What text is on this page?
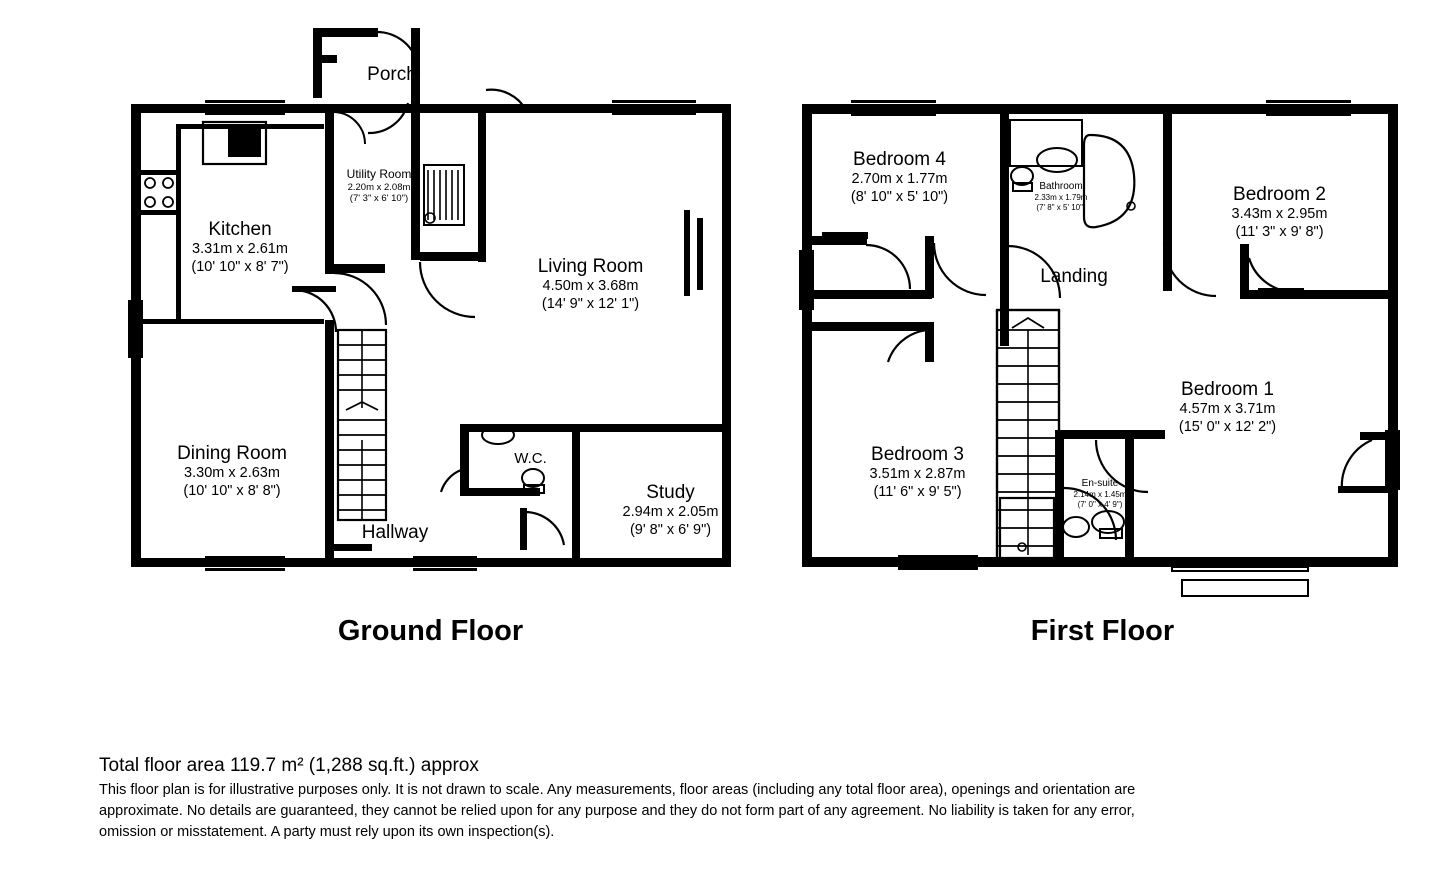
Porch
Utility Room
2.20m x 2.08m
(7' 3" x 6' 10")
Kitchen
3.31m x 2.61m
(10' 10" x 8' 7")	Living Room
4.50m x 3.68m
(14' 9" x 12' 1")
Dining Room
3.30m x 2.63m
(10' 10" x 8' 8")
W.C.
Hallway
Study
2.94m x 2.05m
(9' 8" x 6' 9")
Ground Floor
Bedroom 4
2.70m x 1.77m
(8' 10" x 5' 10")
Bathroom
2.33m x 1.79m
(7' 8" x 5' 10")
Bedroom 2
3.43m x 2.95m
(11' 3" x 9' 8")
Landing
Bedroom 1
4.57m x 3.71m
(15' 0" x 12' 2")
Bedroom 3
3.51m x 2.87m
(11' 6" x 9' 5")
En-suite
2.14m x 1.45m
(7' 0" x 4' 9")
First Floor

Total floor area 119.7 m² (1,288 sq.ft.) approx

This floor plan is for illustrative purposes only. It is not drawn to scale. Any measurements, floor areas (including any total floor area), openings and orientation are approximate. No details are guaranteed, they cannot be relied upon for any purpose and they do not form part of any agreement. No liability is taken for any error, omission or misstatement. A party must rely upon its own inspection(s).
